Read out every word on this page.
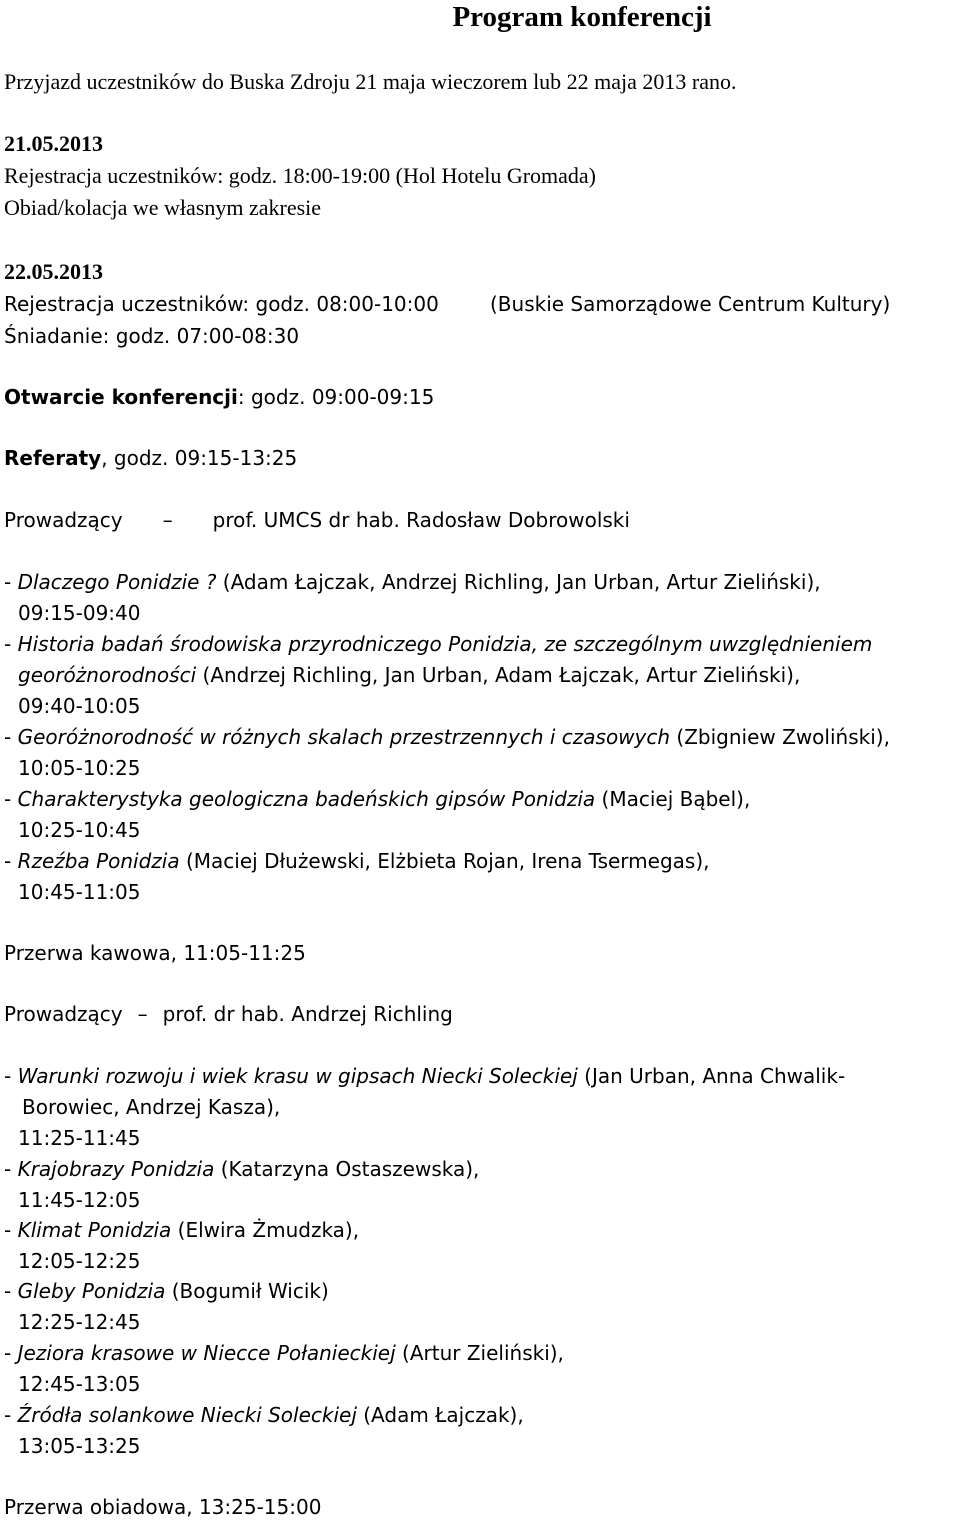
Program konferencji
Przyjazd uczestników do Buska Zdroju 21 maja wieczorem lub 22 maja 2013 rano.
21.05.2013
Rejestracja uczestników: godz. 18:00-19:00 (Hol Hotelu Gromada)
Obiad/kolacja we własnym zakresie
22.05.2013
Rejestracja uczestników: godz. 08:00-10:00	(Buskie Samorządowe Centrum Kultury)
Śniadanie: godz. 07:00-08:30
Otwarcie konferencji: godz. 09:00-09:15
Referaty, godz. 09:15-13:25
Prowadzący – prof. UMCS dr hab. Radosław Dobrowolski
- Dlaczego Ponidzie ? (Adam Łajczak, Andrzej Richling, Jan Urban, Artur Zieliński),
09:15-09:40
- Historia badań środowiska przyrodniczego Ponidzia, ze szczególnym uwzględnieniem
georóżnorodności (Andrzej Richling, Jan Urban, Adam Łajczak, Artur Zieliński),
09:40-10:05
- Georóżnorodność w różnych skalach przestrzennych i czasowych (Zbigniew Zwoliński),
10:05-10:25
- Charakterystyka geologiczna badeńskich gipsów Ponidzia (Maciej Bąbel),
10:25-10:45
- Rzeźba Ponidzia (Maciej Dłużewski, Elżbieta Rojan, Irena Tsermegas),
10:45-11:05
Przerwa kawowa, 11:05-11:25
Prowadzący – prof. dr hab. Andrzej Richling
- Warunki rozwoju i wiek krasu w gipsach Niecki Soleckiej (Jan Urban, Anna Chwalik-
Borowiec, Andrzej Kasza),
11:25-11:45
- Krajobrazy Ponidzia (Katarzyna Ostaszewska),
11:45-12:05
- Klimat Ponidzia (Elwira Żmudzka),
12:05-12:25
- Gleby Ponidzia (Bogumił Wicik)
12:25-12:45
- Jeziora krasowe w Niecce Połanieckiej (Artur Zieliński),
12:45-13:05
- Źródła solankowe Niecki Soleckiej (Adam Łajczak),
13:05-13:25
Przerwa obiadowa, 13:25-15:00
